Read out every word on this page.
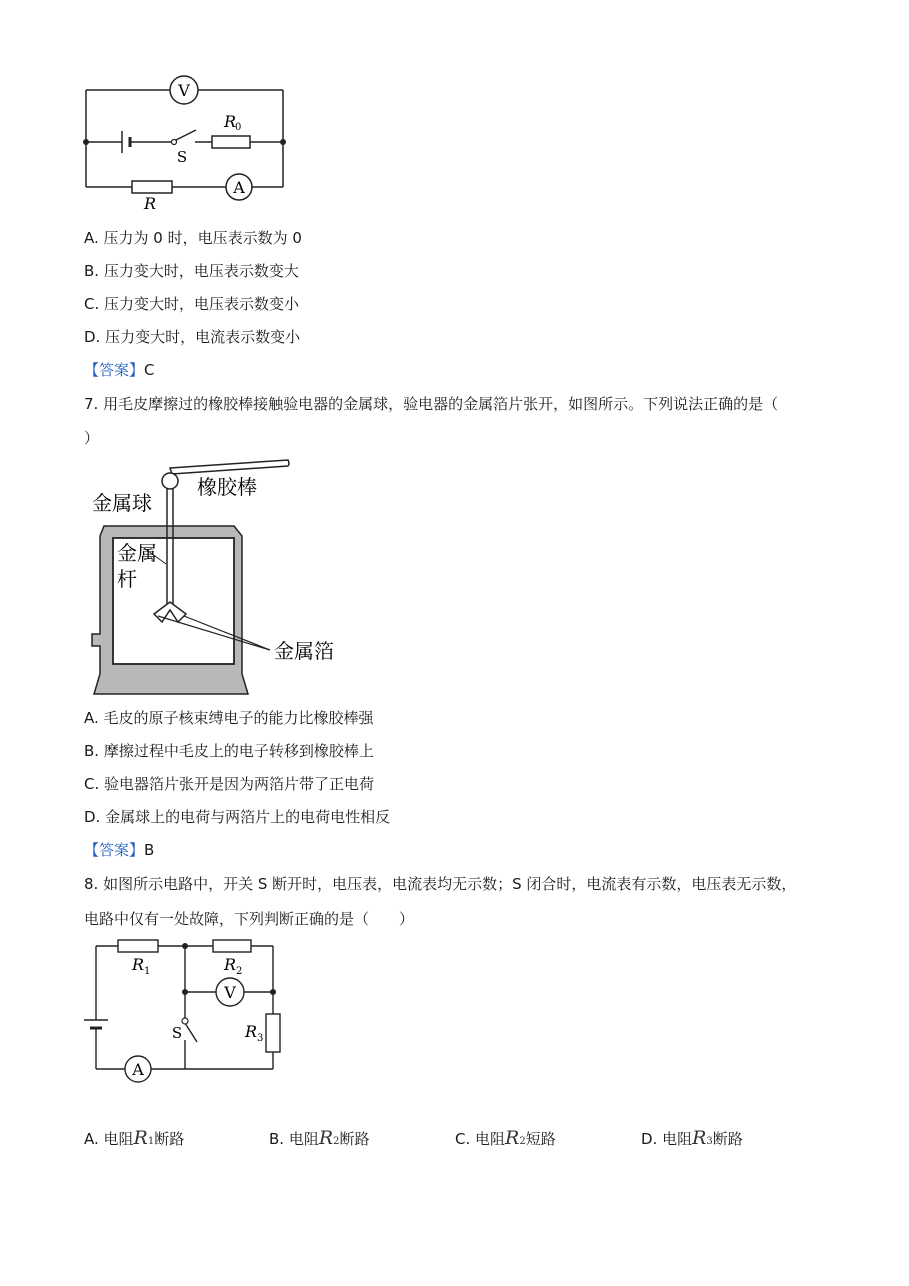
V
A
S
R
0
R
A. 压力为 0 时，电压表示数为 0
B. 压力变大时，电压表示数变大
C. 压力变大时，电压表示数变小
D. 压力变大时，电流表示数变小
【答案】C
7. 用毛皮摩擦过的橡胶棒接触验电器的金属球，验电器的金属箔片张开，如图所示。下列说法正确的是（
）
金属球
橡胶棒
金属
杆
金属箔
A. 毛皮的原子核束缚电子的能力比橡胶棒强
B. 摩擦过程中毛皮上的电子转移到橡胶棒上
C. 验电器箔片张开是因为两箔片带了正电荷
D. 金属球上的电荷与两箔片上的电荷电性相反
【答案】B
8. 如图所示电路中，开关 S 断开时，电压表，电流表均无示数；S 闭合时，电流表有示数，电压表无示数，
电路中仅有一处故障，下列判断正确的是（　　）
V
A
R 1	R 2
R 3
S
A. 电阻R1断路	B. 电阻R2断路	C. 电阻R2短路	D. 电阻R3断路
